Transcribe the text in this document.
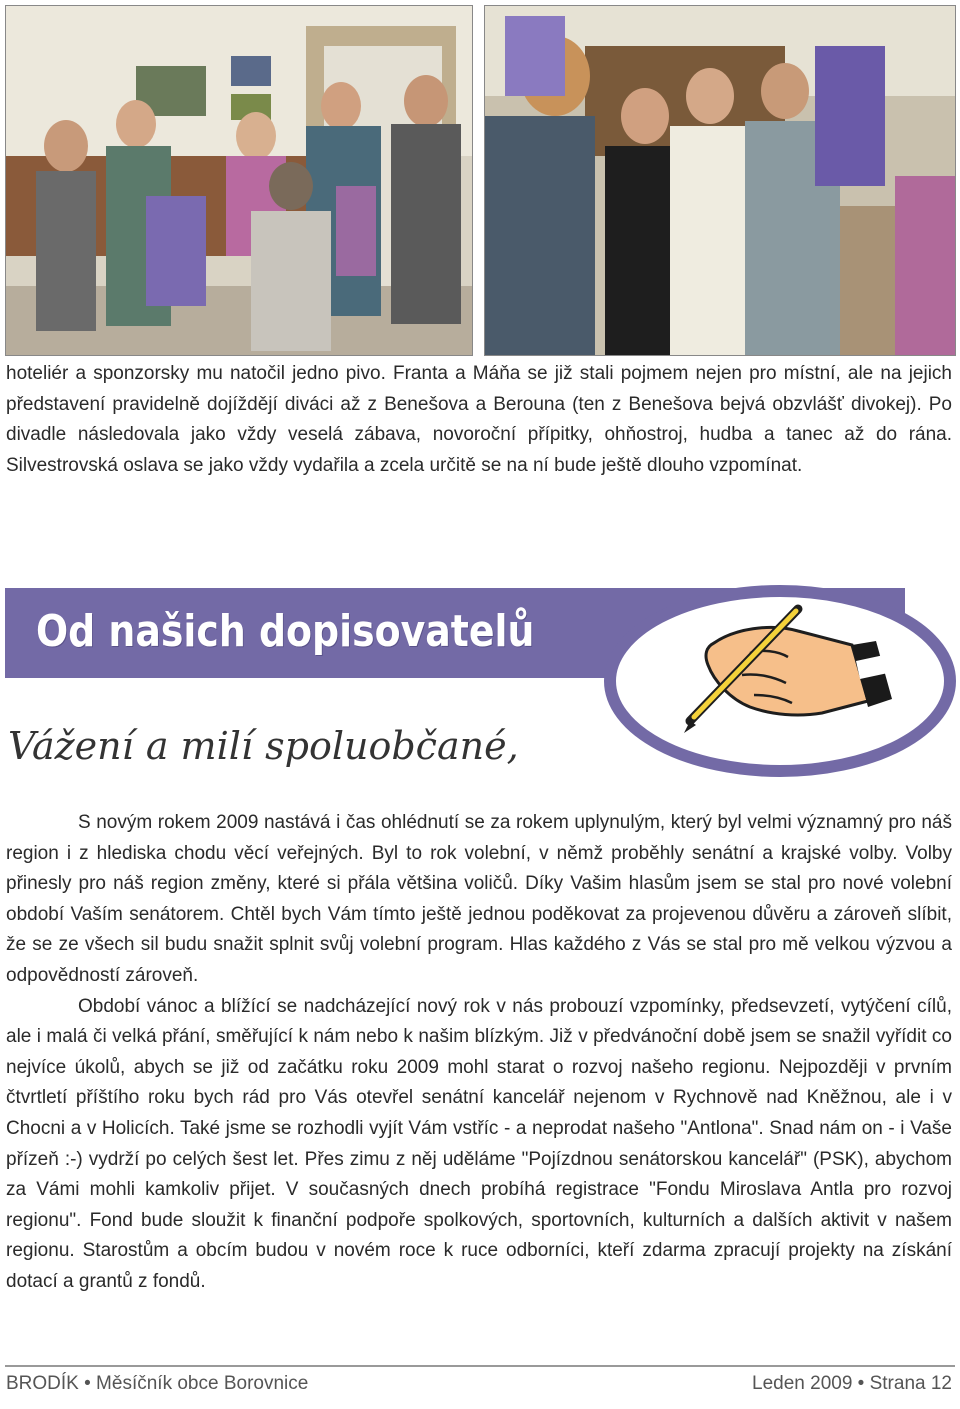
hoteliér a sponzorsky mu natočil jedno pivo. Franta a Máňa se již stali pojmem nejen pro místní, ale na jejich představení pravidelně dojíždějí diváci až z Benešova a Berouna (ten z Benešova bejvá obzvlášť divokej). Po divadle následovala jako vždy veselá zábava, novoroční přípitky, ohňostroj, hudba a tanec až do rána. Silvestrovská oslava se jako vždy vydařila a zcela určitě se na ní bude ještě dlouho vzpomínat.

Od našich dopisovatelů
Vážení a milí spoluobčané,

S novým rokem 2009 nastává i čas ohlédnutí se za rokem uplynulým, který byl velmi významný pro náš region i z hlediska chodu věcí veřejných. Byl to rok volební, v němž proběhly senátní a krajské volby. Volby přinesly pro náš region změny, které si přála většina voličů. Díky Vašim hlasům jsem se stal pro nové volební období Vaším senátorem. Chtěl bych Vám tímto ještě jednou poděkovat za projevenou důvěru a zároveň slíbit, že se ze všech sil budu snažit splnit svůj volební program. Hlas každého z Vás se stal pro mě velkou výzvou a odpovědností zároveň.

Období vánoc a blížící se nadcházející nový rok v nás probouzí vzpomínky, předsevzetí, vytýčení cílů, ale i malá či velká přání, směřující k nám nebo k našim blízkým. Již v předvánoční době jsem se snažil vyřídit co nejvíce úkolů, abych se již od začátku roku 2009 mohl starat o rozvoj našeho regionu. Nejpozději v prvním čtvrtletí příštího roku bych rád pro Vás otevřel senátní kancelář nejenom v Rychnově nad Kněžnou, ale i v Chocni a v Holicích. Také jsme se rozhodli vyjít Vám vstříc - a neprodat našeho "Antlona". Snad nám on - i Vaše přízeň :-) vydrží po celých šest let. Přes zimu z něj uděláme "Pojízdnou senátorskou kancelář" (PSK), abychom za Vámi mohli kamkoliv přijet. V současných dnech probíhá registrace "Fondu Miroslava Antla pro rozvoj regionu". Fond bude sloužit k finanční podpoře spolkových, sportovních, kulturních a dalších aktivit v našem regionu. Starostům a obcím budou v novém roce k ruce odborníci, kteří zdarma zpracují projekty na získání dotací a grantů z fondů.

BRODÍK • Měsíčník obce Borovnice	Leden 2009 • Strana 12
